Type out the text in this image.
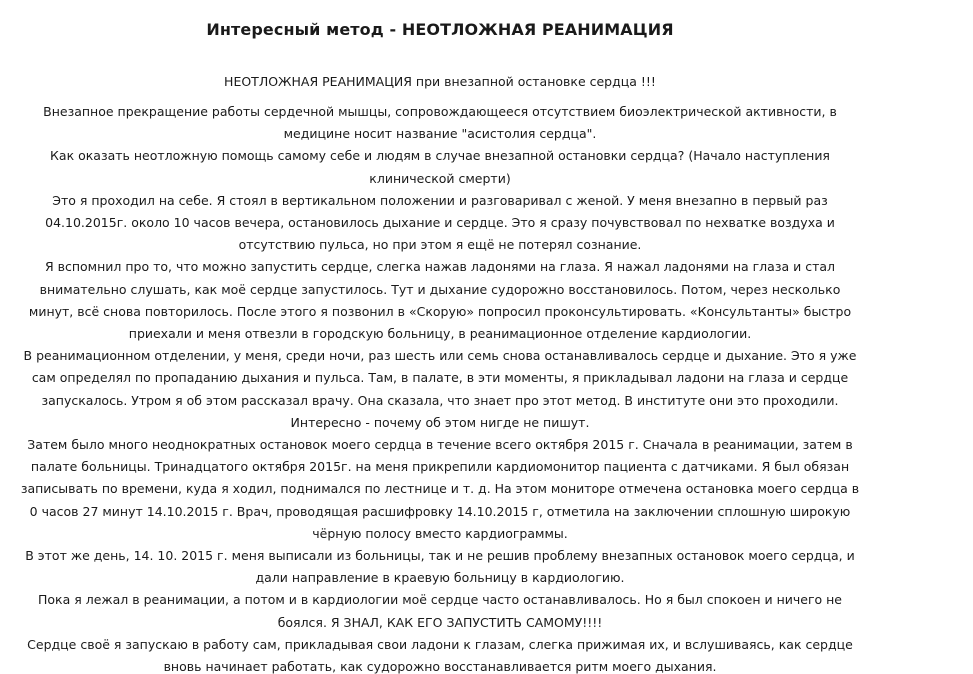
Интересный метод - НЕОТЛОЖНАЯ РЕАНИМАЦИЯ

НЕОТЛОЖНАЯ РЕАНИМАЦИЯ при внезапной остановке сердца !!!

Внезапное прекращение работы сердечной мышцы, сопровождающееся отсутствием биоэлектрической активности, в медицине носит название "асистолия сердца".

Как оказать неотложную помощь самому себе и людям в случае внезапной остановки сердца? (Начало наступления клинической смерти)

Это я проходил на себе. Я стоял в вертикальном положении и разговаривал с женой. У меня внезапно в первый раз 04.10.2015г. около 10 часов вечера, остановилось дыхание и сердце. Это я сразу почувствовал по нехватке воздуха и отсутствию пульса, но при этом я ещё не потерял сознание.

Я вспомнил про то, что можно запустить сердце, слегка нажав ладонями на глаза. Я нажал ладонями на глаза и стал внимательно слушать, как моё сердце запустилось. Тут и дыхание судорожно восстановилось. Потом, через несколько минут, всё снова повторилось. После этого я позвонил в «Скорую» попросил проконсультировать. «Консультанты» быстро приехали и меня отвезли в городскую больницу, в реанимационное отделение кардиологии.

В реанимационном отделении, у меня, среди ночи, раз шесть или семь снова останавливалось сердце и дыхание. Это я уже сам определял по пропаданию дыхания и пульса. Там, в палате, в эти моменты, я прикладывал ладони на глаза и сердце запускалось. Утром я об этом рассказал врачу. Она сказала, что знает про этот метод. В институте они это проходили. Интересно - почему об этом нигде не пишут.

Затем было много неоднократных остановок моего сердца в течение всего октября 2015 г. Сначала в реанимации, затем в палате больницы. Тринадцатого октября 2015г. на меня прикрепили кардиомонитор пациента с датчиками. Я был обязан записывать по времени, куда я ходил, поднимался по лестнице и т. д. На этом мониторе отмечена остановка моего сердца в 0 часов 27 минут 14.10.2015 г. Врач, проводящая расшифровку 14.10.2015 г, отметила на заключении сплошную широкую чёрную полосу вместо кардиограммы.

В этот же день, 14. 10. 2015 г. меня выписали из больницы, так и не решив проблему внезапных остановок моего сердца, и дали направление в краевую больницу в кардиологию.

Пока я лежал в реанимации, а потом и в кардиологии моё сердце часто останавливалось. Но я был спокоен и ничего не боялся. Я ЗНАЛ, КАК ЕГО ЗАПУСТИТЬ САМОМУ!!!!

Сердце своё я запускаю в работу сам, прикладывая свои ладони к глазам, слегка прижимая их, и вслушиваясь, как сердце вновь начинает работать, как судорожно восстанавливается ритм моего дыхания.
